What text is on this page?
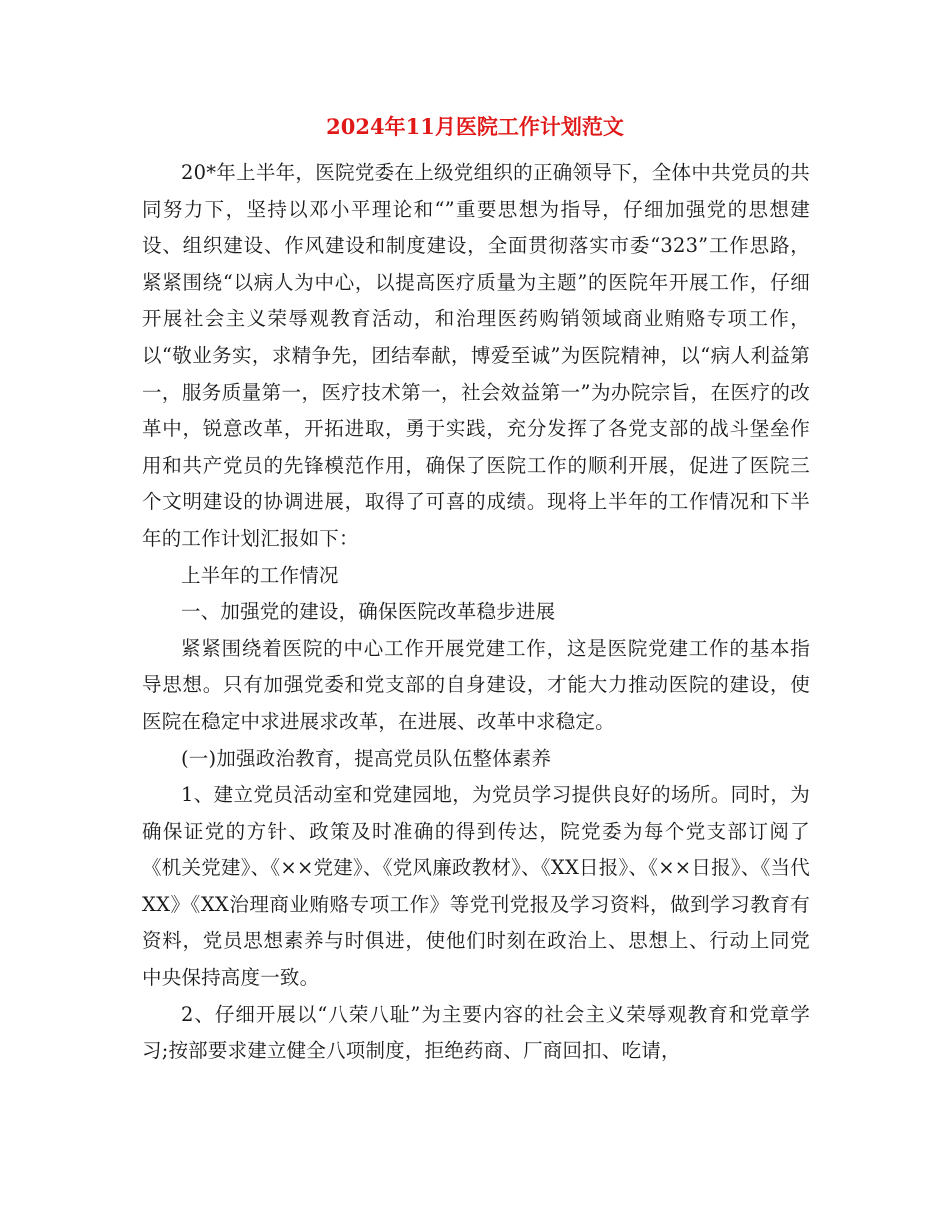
2024年11月医院工作计划范文

20*年上半年，医院党委在上级党组织的正确领导下，全体中共党员的共同努力下，坚持以邓小平理论和“”重要思想为指导，仔细加强党的思想建设、组织建设、作风建设和制度建设，全面贯彻落实市委“323”工作思路，紧紧围绕“以病人为中心，以提高医疗质量为主题”的医院年开展工作，仔细开展社会主义荣辱观教育活动，和治理医药购销领域商业贿赂专项工作，以“敬业务实，求精争先，团结奉献，博爱至诚”为医院精神，以“病人利益第一，服务质量第一，医疗技术第一，社会效益第一”为办院宗旨，在医疗的改革中，锐意改革，开拓进取，勇于实践，充分发挥了各党支部的战斗堡垒作用和共产党员的先锋模范作用，确保了医院工作的顺利开展，促进了医院三个文明建设的协调进展，取得了可喜的成绩。现将上半年的工作情况和下半年的工作计划汇报如下：

上半年的工作情况

一、加强党的建设，确保医院改革稳步进展

紧紧围绕着医院的中心工作开展党建工作，这是医院党建工作的基本指导思想。只有加强党委和党支部的自身建设，才能大力推动医院的建设，使医院在稳定中求进展求改革，在进展、改革中求稳定。

(一)加强政治教育，提高党员队伍整体素养

1、建立党员活动室和党建园地，为党员学习提供良好的场所。同时，为确保证党的方针、政策及时准确的得到传达，院党委为每个党支部订阅了《机关党建》、《××党建》、《党风廉政教材》、《XX日报》、《××日报》、《当代XX》《XX治理商业贿赂专项工作》等党刊党报及学习资料，做到学习教育有资料，党员思想素养与时俱进，使他们时刻在政治上、思想上、行动上同党中央保持高度一致。

2、仔细开展以“八荣八耻”为主要内容的社会主义荣辱观教育和党章学习;按部要求建立健全八项制度，拒绝药商、厂商回扣、吃请，
